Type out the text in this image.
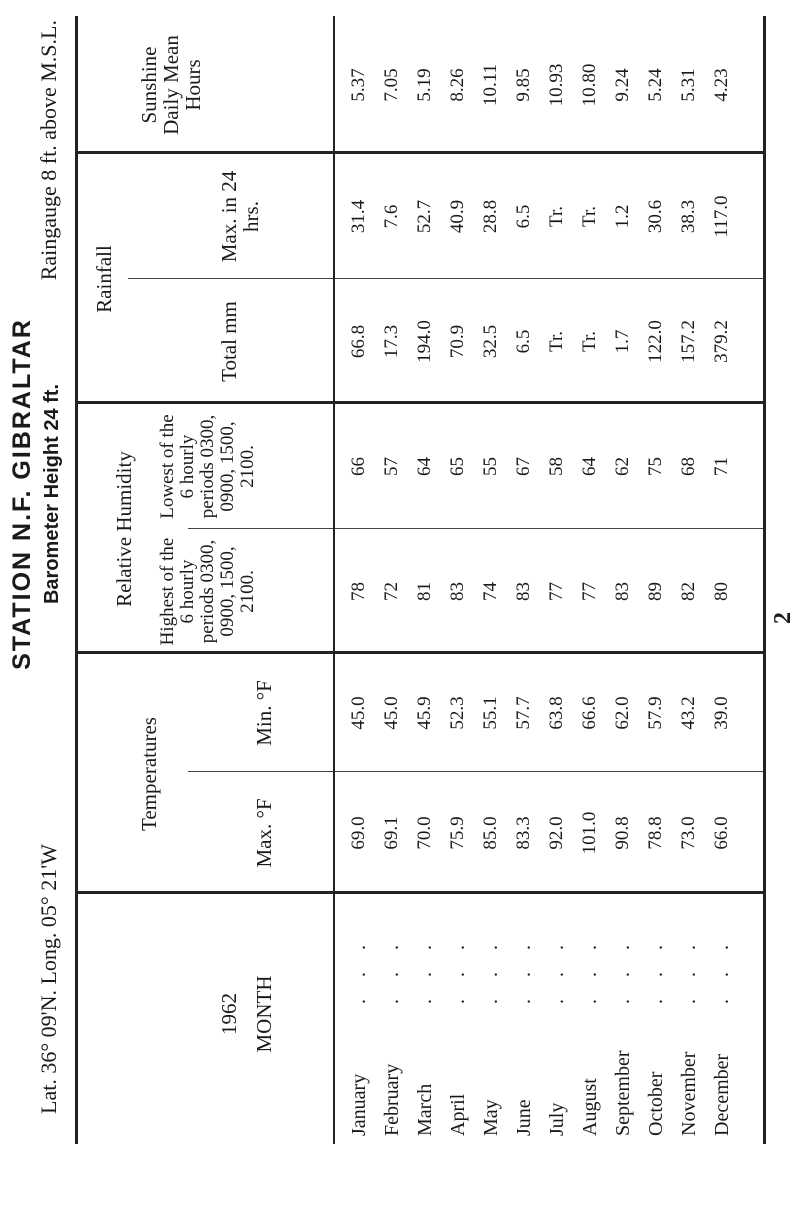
Lat. 36° 09'N. Long. 05° 21'W
STATION N.F. GIBRALTAR Barometer Height 24 ft.
Raingauge 8 ft. above M.S.L.
1962 MONTH
Temperatures
Max. °F
Min. °F
Relative Humidity Highest of the 6 hourly periods 0300, 0900, 1500, 2100.
Lowest of the 6 hourly periods 0300, 0900, 1500, 2100.
Rainfall
Total mm
Max. in 24 hrs.
Sunshine Daily Mean Hours
January
...
69.0
45.0
78
66
66.8
31.4
5.37
February
...
69.1
45.0
72
57
17.3
7.6
7.05
March
...
70.0
45.9
81
64
194.0
52.7
5.19
April
...
75.9
52.3
83
65
70.9
40.9
8.26
May
...
85.0
55.1
74
55
32.5
28.8
10.11
June
...
83.3
57.7
83
67
6.5
6.5
9.85
July
...
92.0
63.8
77
58
Tr.
Tr.
10.93
August
...
101.0
66.6
77
64
Tr.
Tr.
10.80
September
...
90.8
62.0
83
62
1.7
1.2
9.24
October
...
78.8
57.9
89
75
122.0
30.6
5.24
November
...
73.0
43.2
82
68
157.2
38.3
5.31
December
...
66.0
39.0
80
71
379.2
117.0
4.23
2
